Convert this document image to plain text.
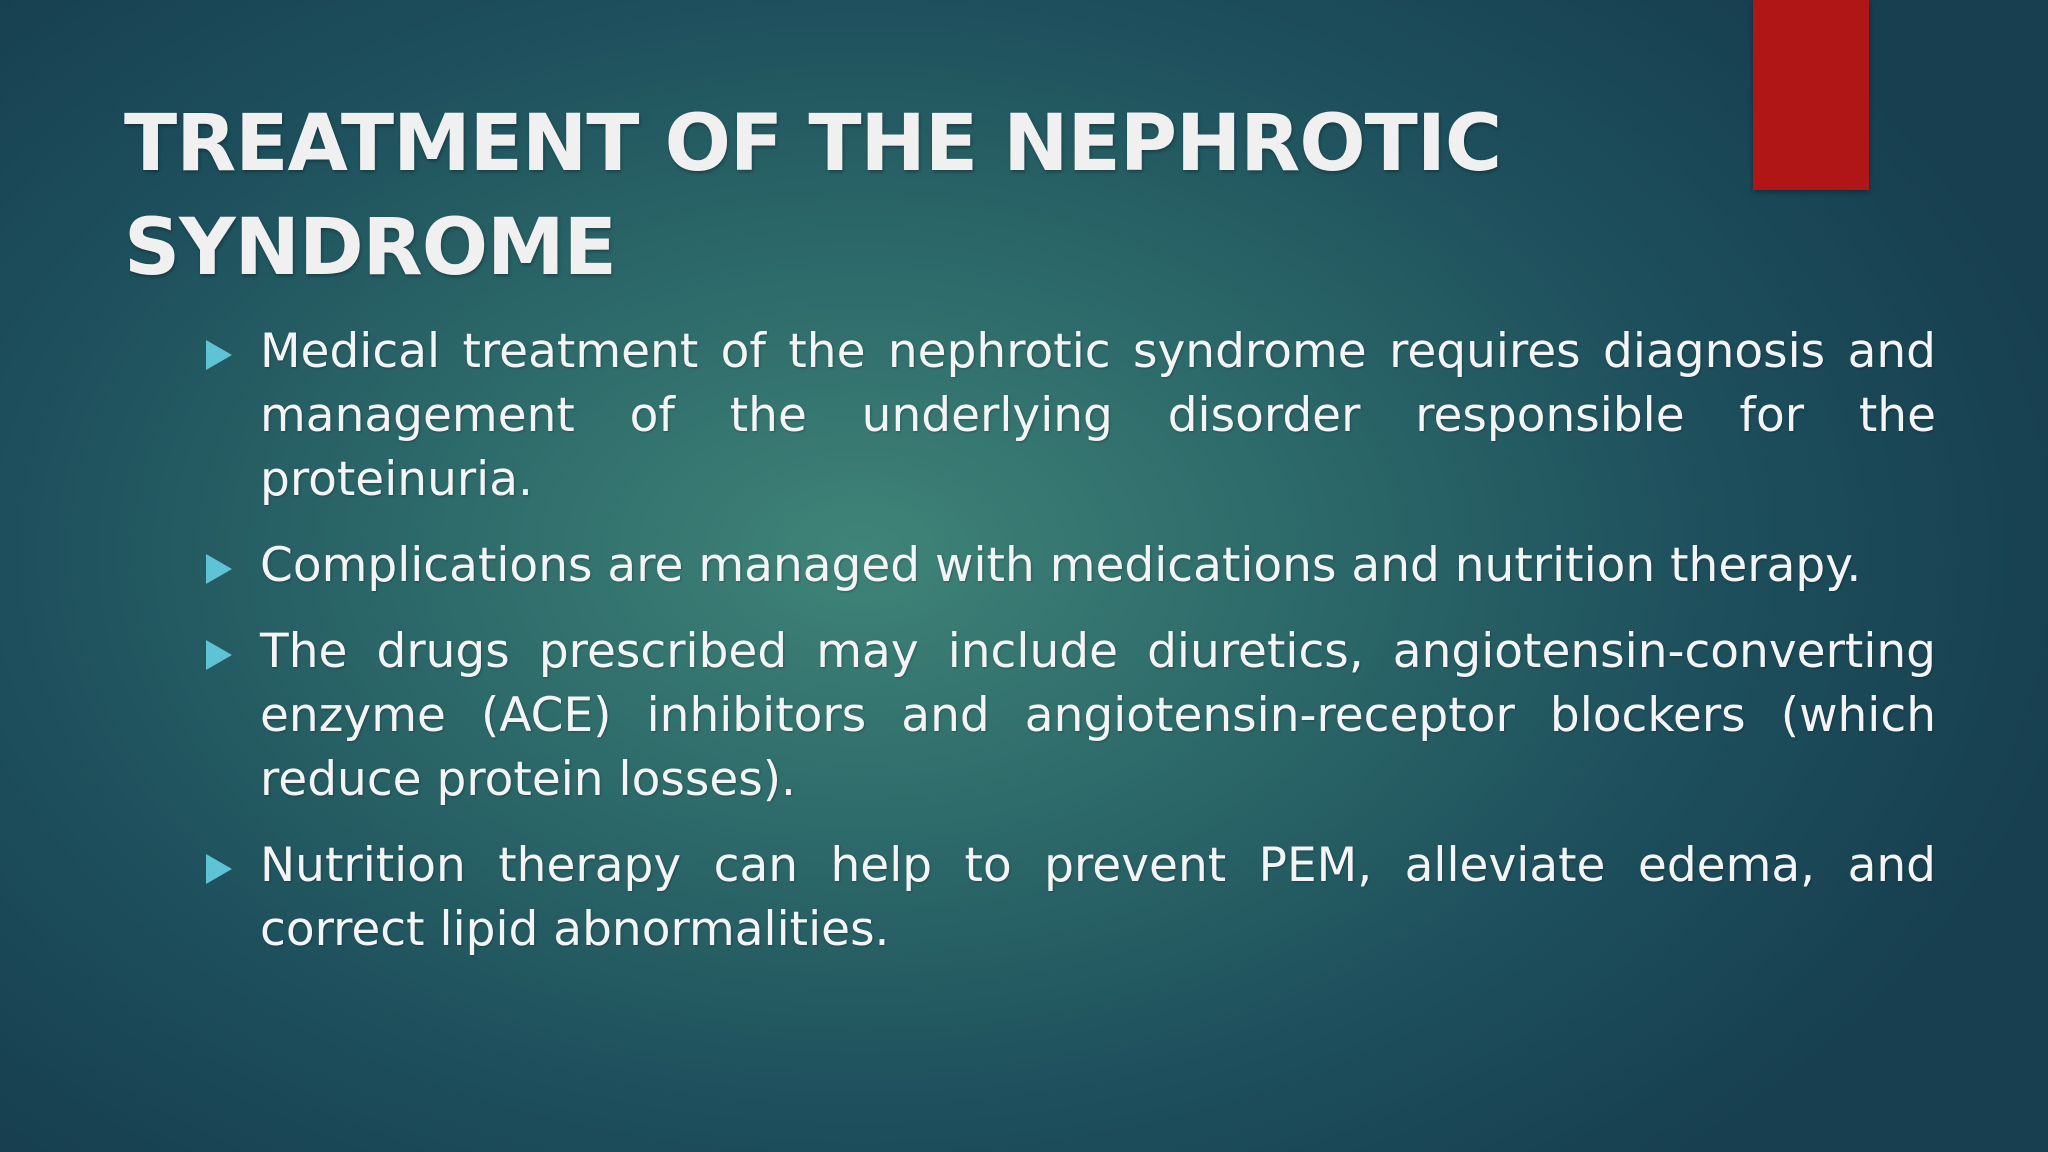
TREATMENT OF THE NEPHROTIC
SYNDROME
Medical treatment of the nephrotic syndrome requires diagnosis and management of the underlying disorder responsible for the proteinuria.
Complications are managed with medications and nutrition therapy.
The drugs prescribed may include diuretics, angiotensin-converting enzyme (ACE) inhibitors and angiotensin-receptor blockers (which reduce protein losses).
Nutrition therapy can help to prevent PEM, alleviate edema, and correct lipid abnormalities.
